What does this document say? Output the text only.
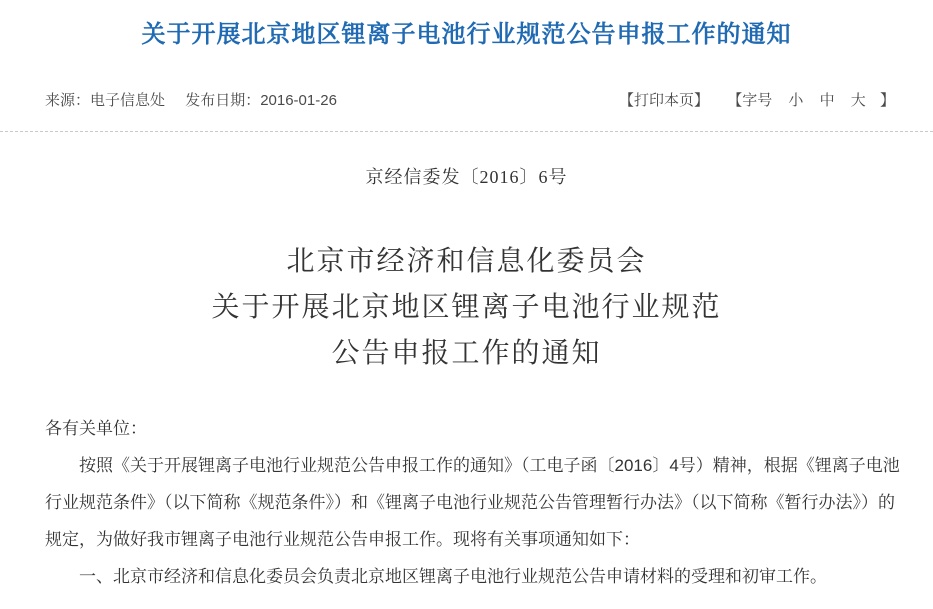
关于开展北京地区锂离子电池行业规范公告申报工作的通知
来源：电子信息处 发布日期：2016-01-26	【打印本页】 【字号 小 中 大 】
京经信委发〔2016〕6号
北京市经济和信息化委员会
关于开展北京地区锂离子电池行业规范
公告申报工作的通知

各有关单位：

按照《关于开展锂离子电池行业规范公告申报工作的通知》（工电子函〔2016〕4号）精神，根据《锂离子电池行业规范条件》（以下简称《规范条件》）和《锂离子电池行业规范公告管理暂行办法》（以下简称《暂行办法》）的规定，为做好我市锂离子电池行业规范公告申报工作。现将有关事项通知如下：

一、北京市经济和信息化委员会负责北京地区锂离子电池行业规范公告申请材料的受理和初审工作。
